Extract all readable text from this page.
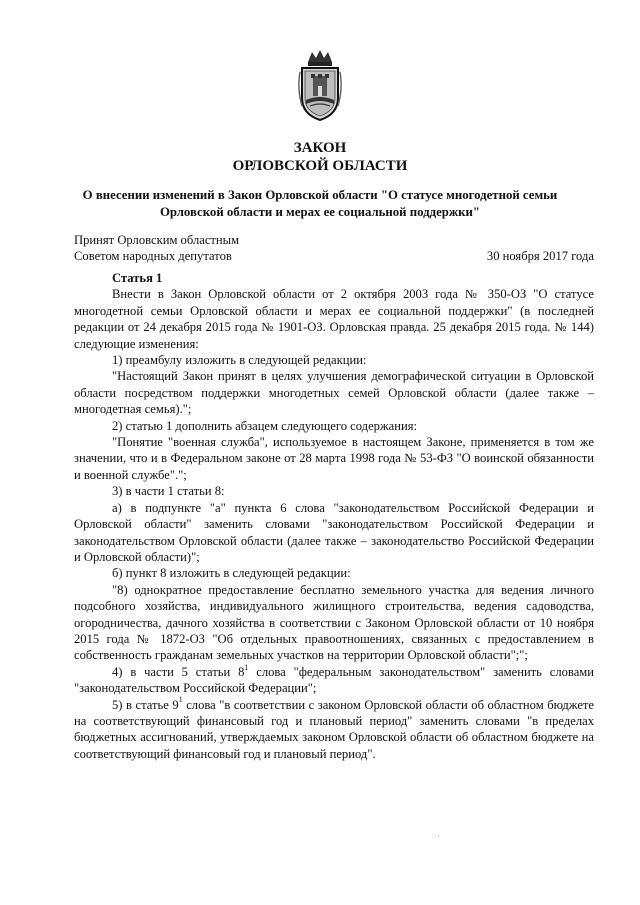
ЗАКОН
ОРЛОВСКОЙ ОБЛАСТИ
О внесении изменений в Закон Орловской области "О статусе многодетной семьи
Орловской области и мерах ее социальной поддержки"
Принят Орловским областным
Советом народных депутатов	30 ноября 2017 года

Статья 1

Внести в Закон Орловской области от 2 октября 2003 года № 350-ОЗ "О статусе многодетной семьи Орловской области и мерах ее социальной поддержки" (в последней редакции от 24 декабря 2015 года № 1901-ОЗ. Орловская правда. 25 декабря 2015 года. № 144) следующие изменения:

1) преамбулу изложить в следующей редакции:

"Настоящий Закон принят в целях улучшения демографической ситуации в Орловской области посредством поддержки многодетных семей Орловской области (далее также – многодетная семья).";

2) статью 1 дополнить абзацем следующего содержания:

"Понятие "военная служба", используемое в настоящем Законе, применяется в том же значении, что и в Федеральном законе от 28 марта 1998 года № 53-ФЗ "О воинской обязанности и военной службе".";

3) в части 1 статьи 8:

а) в подпункте "а" пункта 6 слова "законодательством Российской Федерации и Орловской области" заменить словами "законодательством Российской Федерации и законодательством Орловской области (далее также – законодательство Российской Федерации и Орловской области)";

б) пункт 8 изложить в следующей редакции:

"8) однократное предоставление бесплатно земельного участка для ведения личного подсобного хозяйства, индивидуального жилищного строительства, ведения садоводства, огородничества, дачного хозяйства в соответствии с Законом Орловской области от 10 ноября 2015 года № 1872-ОЗ "Об отдельных правоотношениях, связанных с предоставлением в собственность гражданам земельных участков на территории Орловской области";";

4) в части 5 статьи $8^1$ слова "федеральным законодательством" заменить словами "законодательством Российской Федерации";

5) в статье $9^1$ слова "в соответствии с законом Орловской области об областном бюджете на соответствующий финансовый год и плановый период" заменить словами "в пределах бюджетных ассигнований, утверждаемых законом Орловской области об областном бюджете на соответствующий финансовый год и плановый период".
